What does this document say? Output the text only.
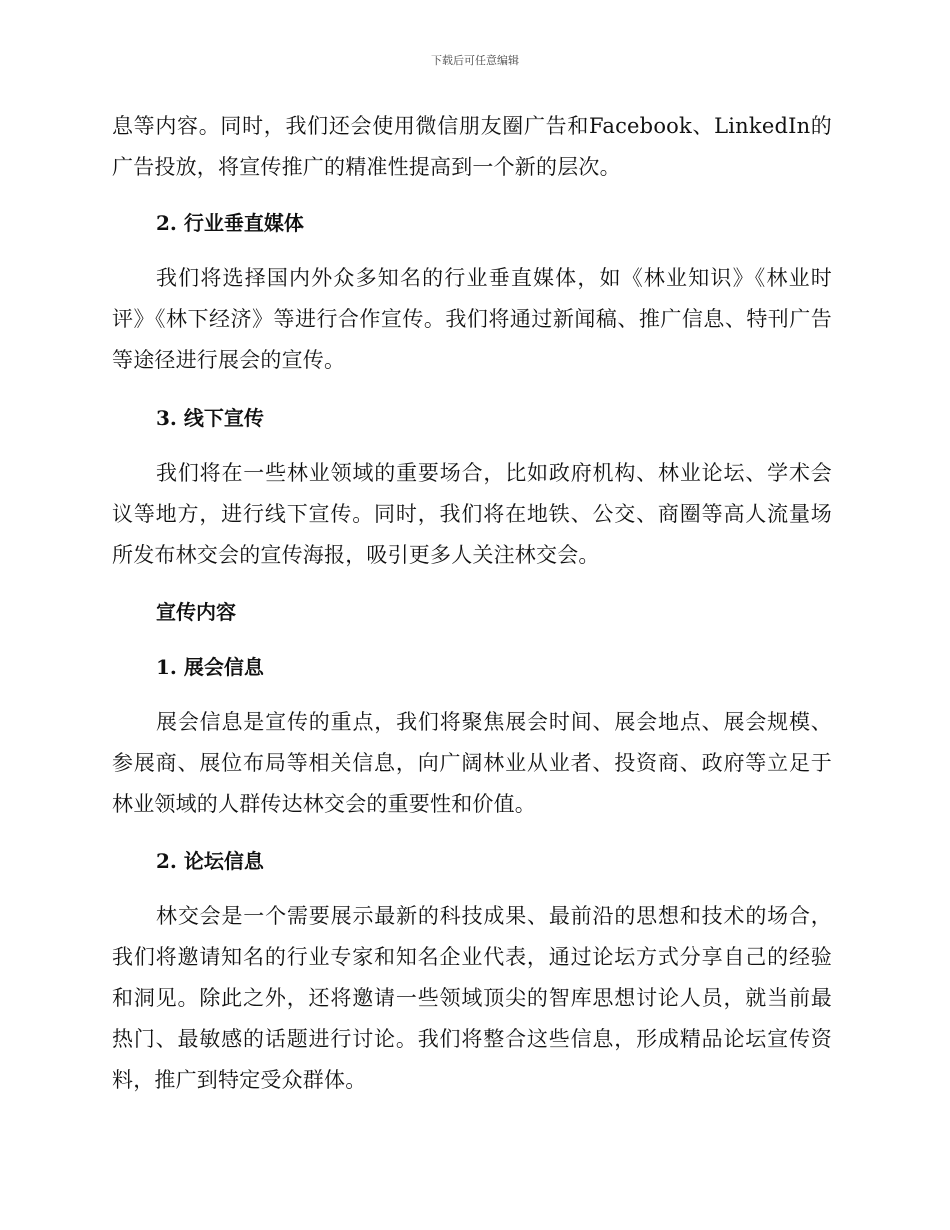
下载后可任意编辑

息等内容。同时，我们还会使用微信朋友圈广告和Facebook、LinkedIn的广告投放，将宣传推广的精准性提高到一个新的层次。

2. 行业垂直媒体

我们将选择国内外众多知名的行业垂直媒体，如《林业知识》《林业时评》《林下经济》等进行合作宣传。我们将通过新闻稿、推广信息、特刊广告等途径进行展会的宣传。

3. 线下宣传

我们将在一些林业领域的重要场合，比如政府机构、林业论坛、学术会议等地方，进行线下宣传。同时，我们将在地铁、公交、商圈等高人流量场所发布林交会的宣传海报，吸引更多人关注林交会。

宣传内容

1. 展会信息

展会信息是宣传的重点，我们将聚焦展会时间、展会地点、展会规模、参展商、展位布局等相关信息，向广阔林业从业者、投资商、政府等立足于林业领域的人群传达林交会的重要性和价值。

2. 论坛信息

林交会是一个需要展示最新的科技成果、最前沿的思想和技术的场合，我们将邀请知名的行业专家和知名企业代表，通过论坛方式分享自己的经验和洞见。除此之外，还将邀请一些领域顶尖的智库思想讨论人员，就当前最热门、最敏感的话题进行讨论。我们将整合这些信息，形成精品论坛宣传资料，推广到特定受众群体。
